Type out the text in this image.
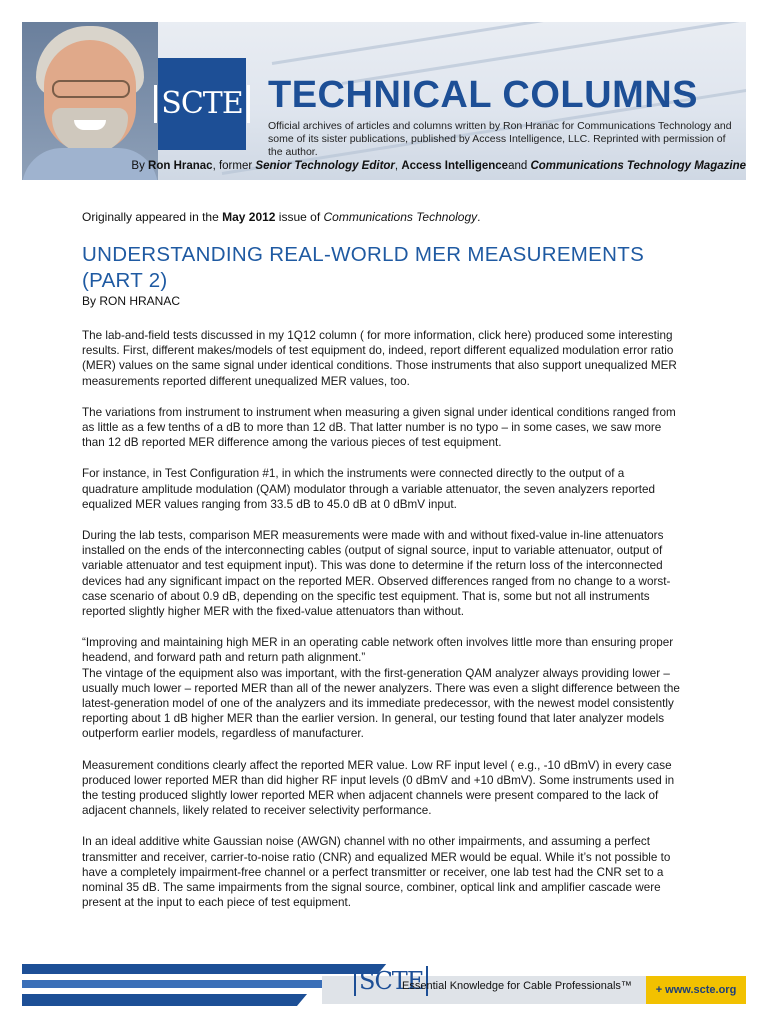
SCTE TECHNICAL COLUMNS

Official archives of articles and columns written by Ron Hranac for Communications Technology and some of its sister publications, published by Access Intelligence, LLC. Reprinted with permission of the author.

By
Ron Hranac , former
Senior Technology Editor ,
Access Intelligence and
Communications Technology Magazine

Originally appeared in the May 2012 issue of Communications Technology.

UNDERSTANDING REAL-WORLD MER MEASUREMENTS (PART 2)

By RON HRANAC

The lab-and-field tests discussed in my 1Q12 column ( for more information, click here) produced some interesting results. First, different makes/models of test equipment do, indeed, report different equalized modulation error ratio (MER) values on the same signal under identical conditions. Those instruments that also support unequalized MER measurements reported different unequalized MER values, too.

The variations from instrument to instrument when measuring a given signal under identical conditions ranged from as little as a few tenths of a dB to more than 12 dB. That latter number is no typo – in some cases, we saw more than 12 dB reported MER difference among the various pieces of test equipment.

For instance, in Test Configuration #1, in which the instruments were connected directly to the output of a quadrature amplitude modulation (QAM) modulator through a variable attenuator, the seven analyzers reported equalized MER values ranging from 33.5 dB to 45.0 dB at 0 dBmV input.

During the lab tests, comparison MER measurements were made with and without fixed-value in-line attenuators installed on the ends of the interconnecting cables (output of signal source, input to variable attenuator, output of variable attenuator and test equipment input). This was done to determine if the return loss of the interconnected devices had any significant impact on the reported MER. Observed differences ranged from no change to a worst-case scenario of about 0.9 dB, depending on the specific test equipment. That is, some but not all instruments reported slightly higher MER with the fixed-value attenuators than without.

“Improving and maintaining high MER in an operating cable network often involves little more than ensuring proper headend, and forward path and return path alignment.”

The vintage of the equipment also was important, with the first-generation QAM analyzer always providing lower – usually much lower – reported MER than all of the newer analyzers. There was even a slight difference between the latest-generation model of one of the analyzers and its immediate predecessor, with the newest model consistently reporting about 1 dB higher MER than the earlier version. In general, our testing found that later analyzer models outperform earlier models, regardless of manufacturer.

Measurement conditions clearly affect the reported MER value. Low RF input level ( e.g., -10 dBmV) in every case produced lower reported MER than did higher RF input levels (0 dBmV and +10 dBmV). Some instruments used in the testing produced slightly lower reported MER when adjacent channels were present compared to the lack of adjacent channels, likely related to receiver selectivity performance.

In an ideal additive white Gaussian noise (AWGN) channel with no other impairments, and assuming a perfect transmitter and receiver, carrier-to-noise ratio (CNR) and equalized MER would be equal. While it’s not possible to have a completely impairment-free channel or a perfect transmitter or receiver, one lab test had the CNR set to a nominal 35 dB. The same impairments from the signal source, combiner, optical link and amplifier cascade were present at the input to each piece of test equipment.

SCTE
Essential Knowledge for Cable Professionals™ + www.scte.org
